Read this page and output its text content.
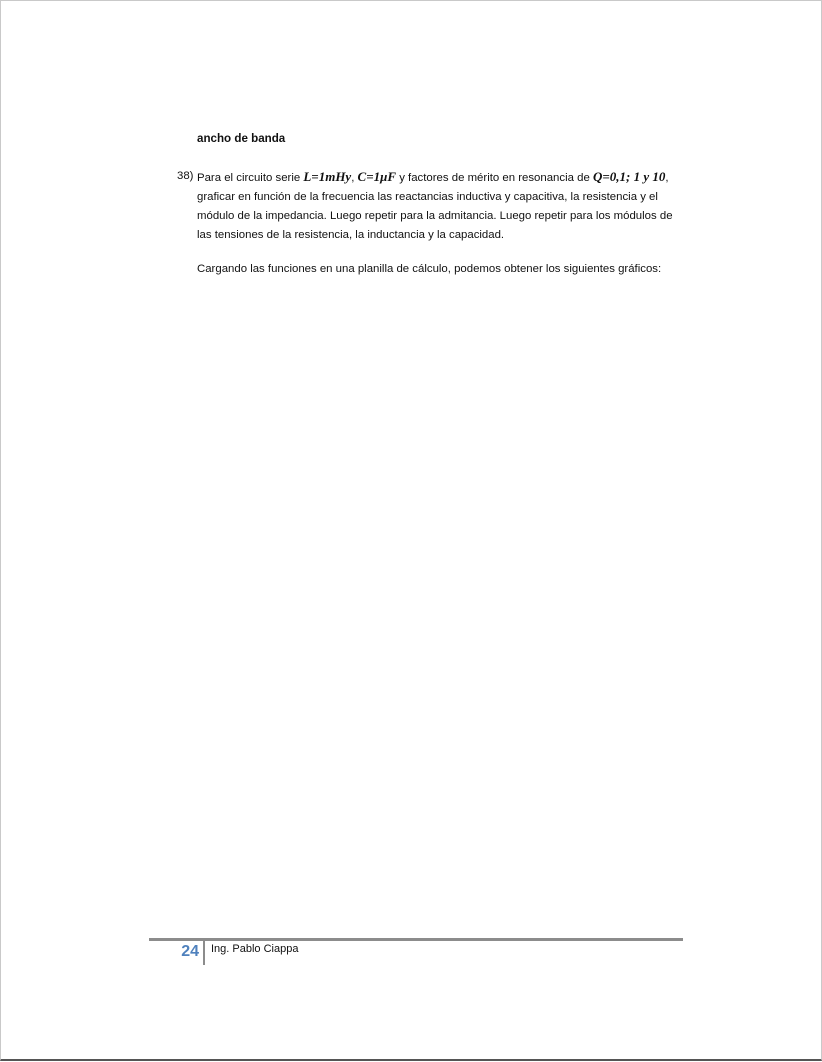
ancho de banda

38) Para el circuito serie L=1mHy, C=1μF y factores de mérito en resonancia de Q=0,1; 1 y 10, graficar en función de la frecuencia las reactancias inductiva y capacitiva, la resistencia y el módulo de la impedancia. Luego repetir para la admitancia. Luego repetir para los módulos de las tensiones de la resistencia, la inductancia y la capacidad.

Cargando las funciones en una planilla de cálculo, podemos obtener los siguientes gráficos:

24 Ing. Pablo Ciappa
